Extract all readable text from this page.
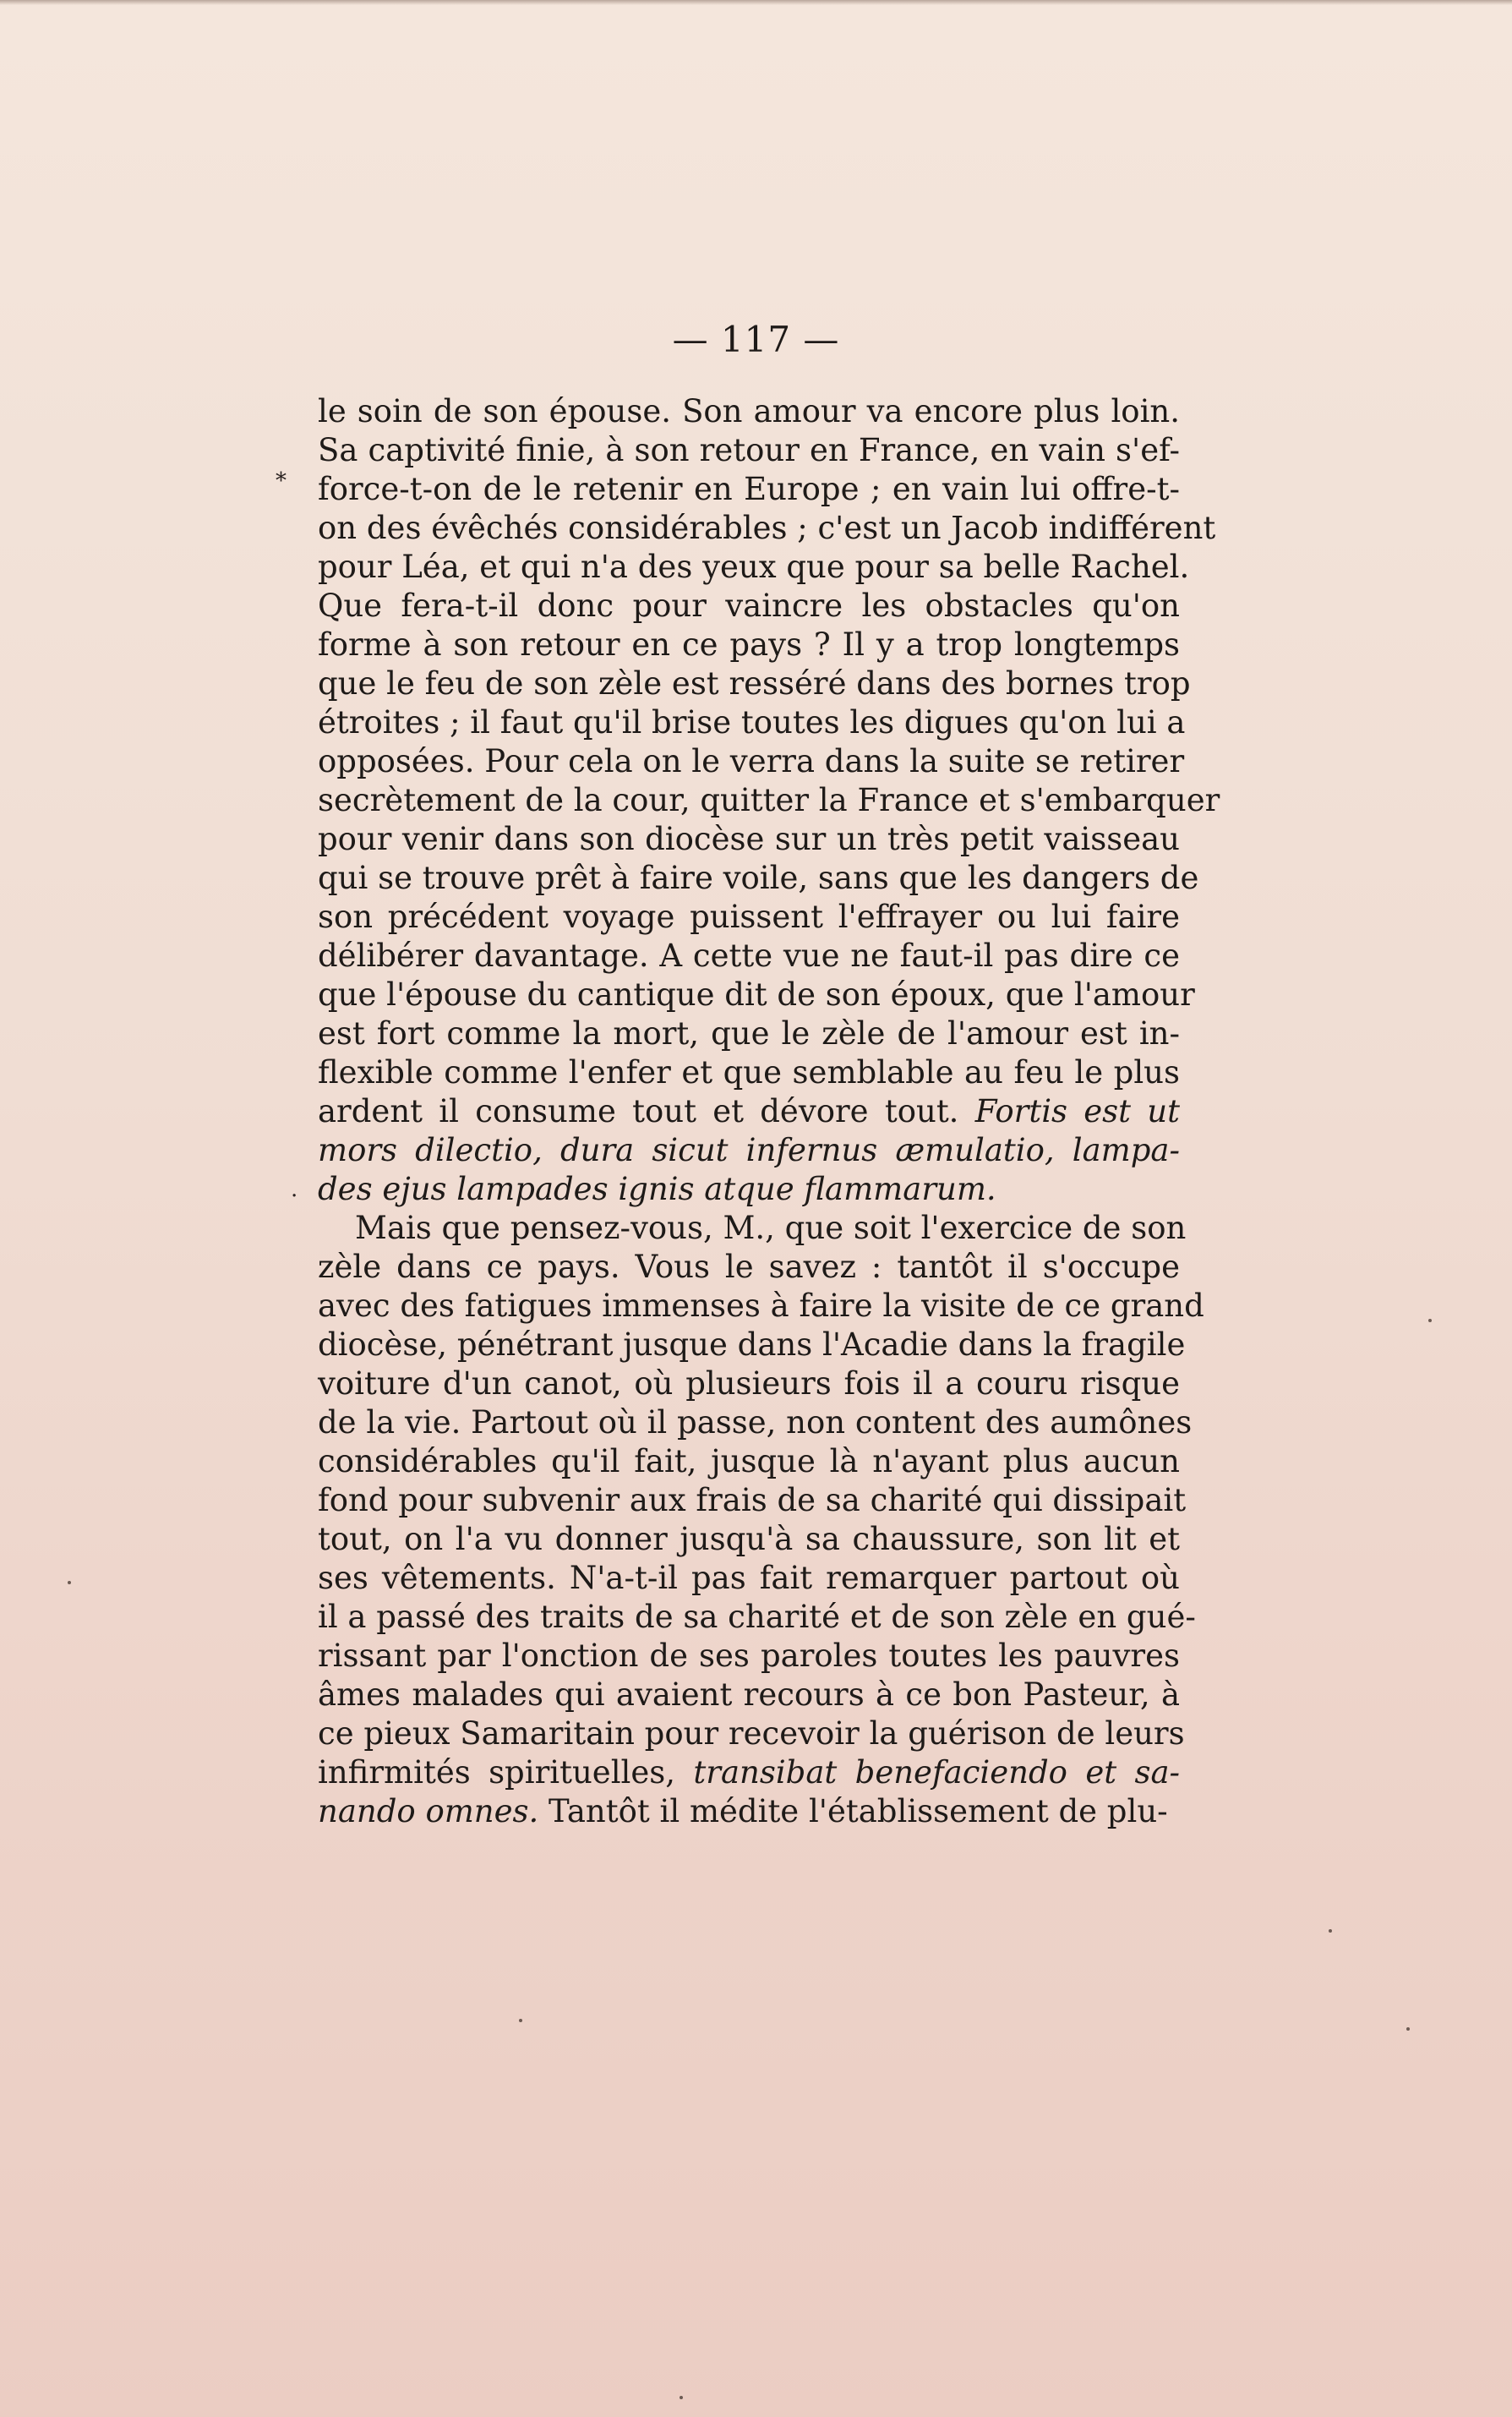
— 117 —
*
.
le soin de son épouse. Son amour va encore plus loin.
Sa captivité finie, à son retour en France, en vain s'ef-
force-t-on de le retenir en Europe ; en vain lui offre-t-
on des évêchés considérables ; c'est un Jacob indifférent
pour Léa, et qui n'a des yeux que pour sa belle Rachel.
Que fera-t-il donc pour vaincre les obstacles qu'on
forme à son retour en ce pays ? Il y a trop longtemps
que le feu de son zèle est resséré dans des bornes trop
étroites ; il faut qu'il brise toutes les digues qu'on lui a
opposées. Pour cela on le verra dans la suite se retirer
secrètement de la cour, quitter la France et s'embarquer
pour venir dans son diocèse sur un très petit vaisseau
qui se trouve prêt à faire voile, sans que les dangers de
son précédent voyage puissent l'effrayer ou lui faire
délibérer davantage. A cette vue ne faut-il pas dire ce
que l'épouse du cantique dit de son époux, que l'amour
est fort comme la mort, que le zèle de l'amour est in-
flexible comme l'enfer et que semblable au feu le plus
ardent il consume tout et dévore tout. Fortis est ut
mors dilectio, dura sicut infernus æmulatio, lampa-
des ejus lampades ignis atque flammarum.
Mais que pensez-vous, M., que soit l'exercice de son
zèle dans ce pays. Vous le savez : tantôt il s'occupe
avec des fatigues immenses à faire la visite de ce grand
diocèse, pénétrant jusque dans l'Acadie dans la fragile
voiture d'un canot, où plusieurs fois il a couru risque
de la vie. Partout où il passe, non content des aumônes
considérables qu'il fait, jusque là n'ayant plus aucun
fond pour subvenir aux frais de sa charité qui dissipait
tout, on l'a vu donner jusqu'à sa chaussure, son lit et
ses vêtements. N'a-t-il pas fait remarquer partout où
il a passé des traits de sa charité et de son zèle en gué-
rissant par l'onction de ses paroles toutes les pauvres
âmes malades qui avaient recours à ce bon Pasteur, à
ce pieux Samaritain pour recevoir la guérison de leurs
infirmités spirituelles, transibat benefaciendo et sa-
nando omnes. Tantôt il médite l'établissement de plu-
